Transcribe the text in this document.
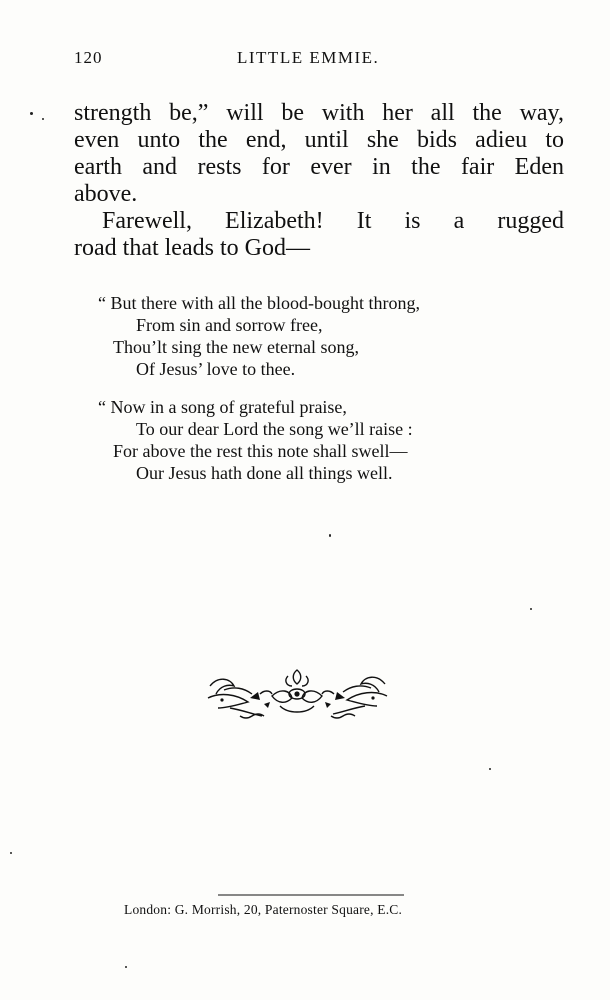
120	LITTLE EMMIE.

strength be,” will be with her all the way,
even unto the end, until she bids adieu to
earth and rests for ever in the fair Eden
above.

Farewell, Elizabeth! It is a rugged
road that leads to God—

“ But there with all the blood-bought throng,
From sin and sorrow free,
Thou’lt sing the new eternal song,
Of Jesus’ love to thee.
“ Now in a song of grateful praise,
To our dear Lord the song we’ll raise :
For above the rest this note shall swell—
Our Jesus hath done all things well.
London: G. Morrish, 20, Paternoster Square, E.C.
